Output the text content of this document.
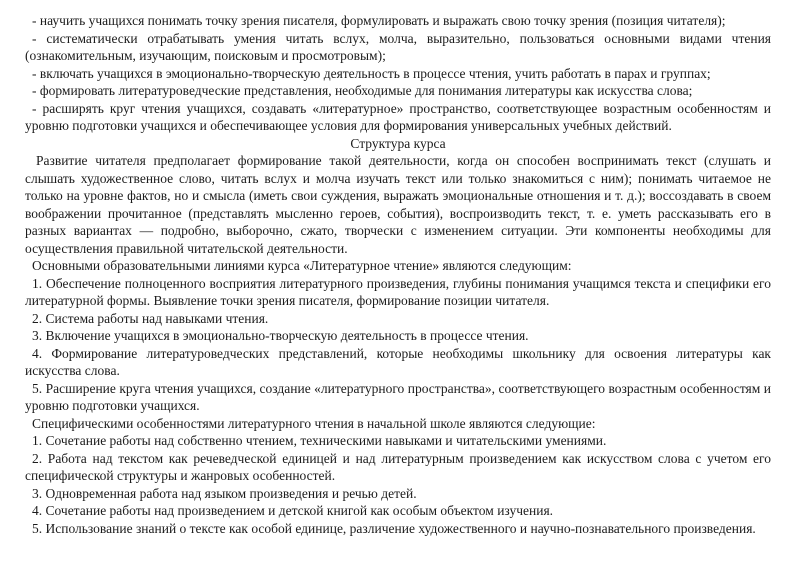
- научить учащихся понимать точку зрения писателя, формулировать и выражать свою точку зрения (позиция читателя);

- систематически отрабатывать умения читать вслух, молча, выразительно, пользоваться основными видами чтения (ознакомительным, изучающим, поисковым и просмотровым);

- включать учащихся в эмоционально-творческую деятельность в процессе чтения, учить работать в парах и группах;

- формировать литературоведческие представления, необходимые для понимания литературы как искусства слова;

- расширять круг чтения учащихся, создавать «литературное» пространство, соответствующее возрастным особенностям и уровню подготовки учащихся и обеспечивающее условия для формирования универсальных учебных действий.

Структура курса

Развитие читателя предполагает формирование такой деятельности, когда он способен воспринимать текст (слушать и слышать художественное слово, читать вслух и молча изучать текст или только знакомиться с ним); понимать читаемое не только на уровне фактов, но и смысла (иметь свои суждения, выражать эмоциональные отношения и т. д.); воссоздавать в своем воображении прочитанное (представлять мысленно героев, события), воспроизводить текст, т. е. уметь рассказывать его в разных вариантах — подробно, выборочно, сжато, творчески с изменением ситуации. Эти компоненты необходимы для осуществления правильной читательской деятельности.

Основными образовательными линиями курса «Литературное чтение» являются следующим:

1. Обеспечение полноценного восприятия литературного произведения, глубины понимания учащимся текста и специфики его литературной формы. Выявление точки зрения писателя, формирование позиции читателя.

2. Система работы над навыками чтения.

3. Включение учащихся в эмоционально-творческую деятельность в процессе чтения.

4. Формирование литературоведческих представлений, которые необходимы школьнику для освоения литературы как искусства слова.

5. Расширение круга чтения учащихся, создание «литературного пространства», соответствующего возрастным особенностям и уровню подготовки учащихся.

Специфическими особенностями литературного чтения в начальной школе являются следующие:

1. Сочетание работы над собственно чтением, техническими навыками и читательскими умениями.

2. Работа над текстом как речеведческой единицей и над литературным произведением как искусством слова с учетом его специфической структуры и жанровых особенностей.

3. Одновременная работа над языком произведения и речью детей.

4. Сочетание работы над произведением и детской книгой как особым объектом изучения.

5. Использование знаний о тексте как особой единице, различение художественного и научно-познавательного произведения.
